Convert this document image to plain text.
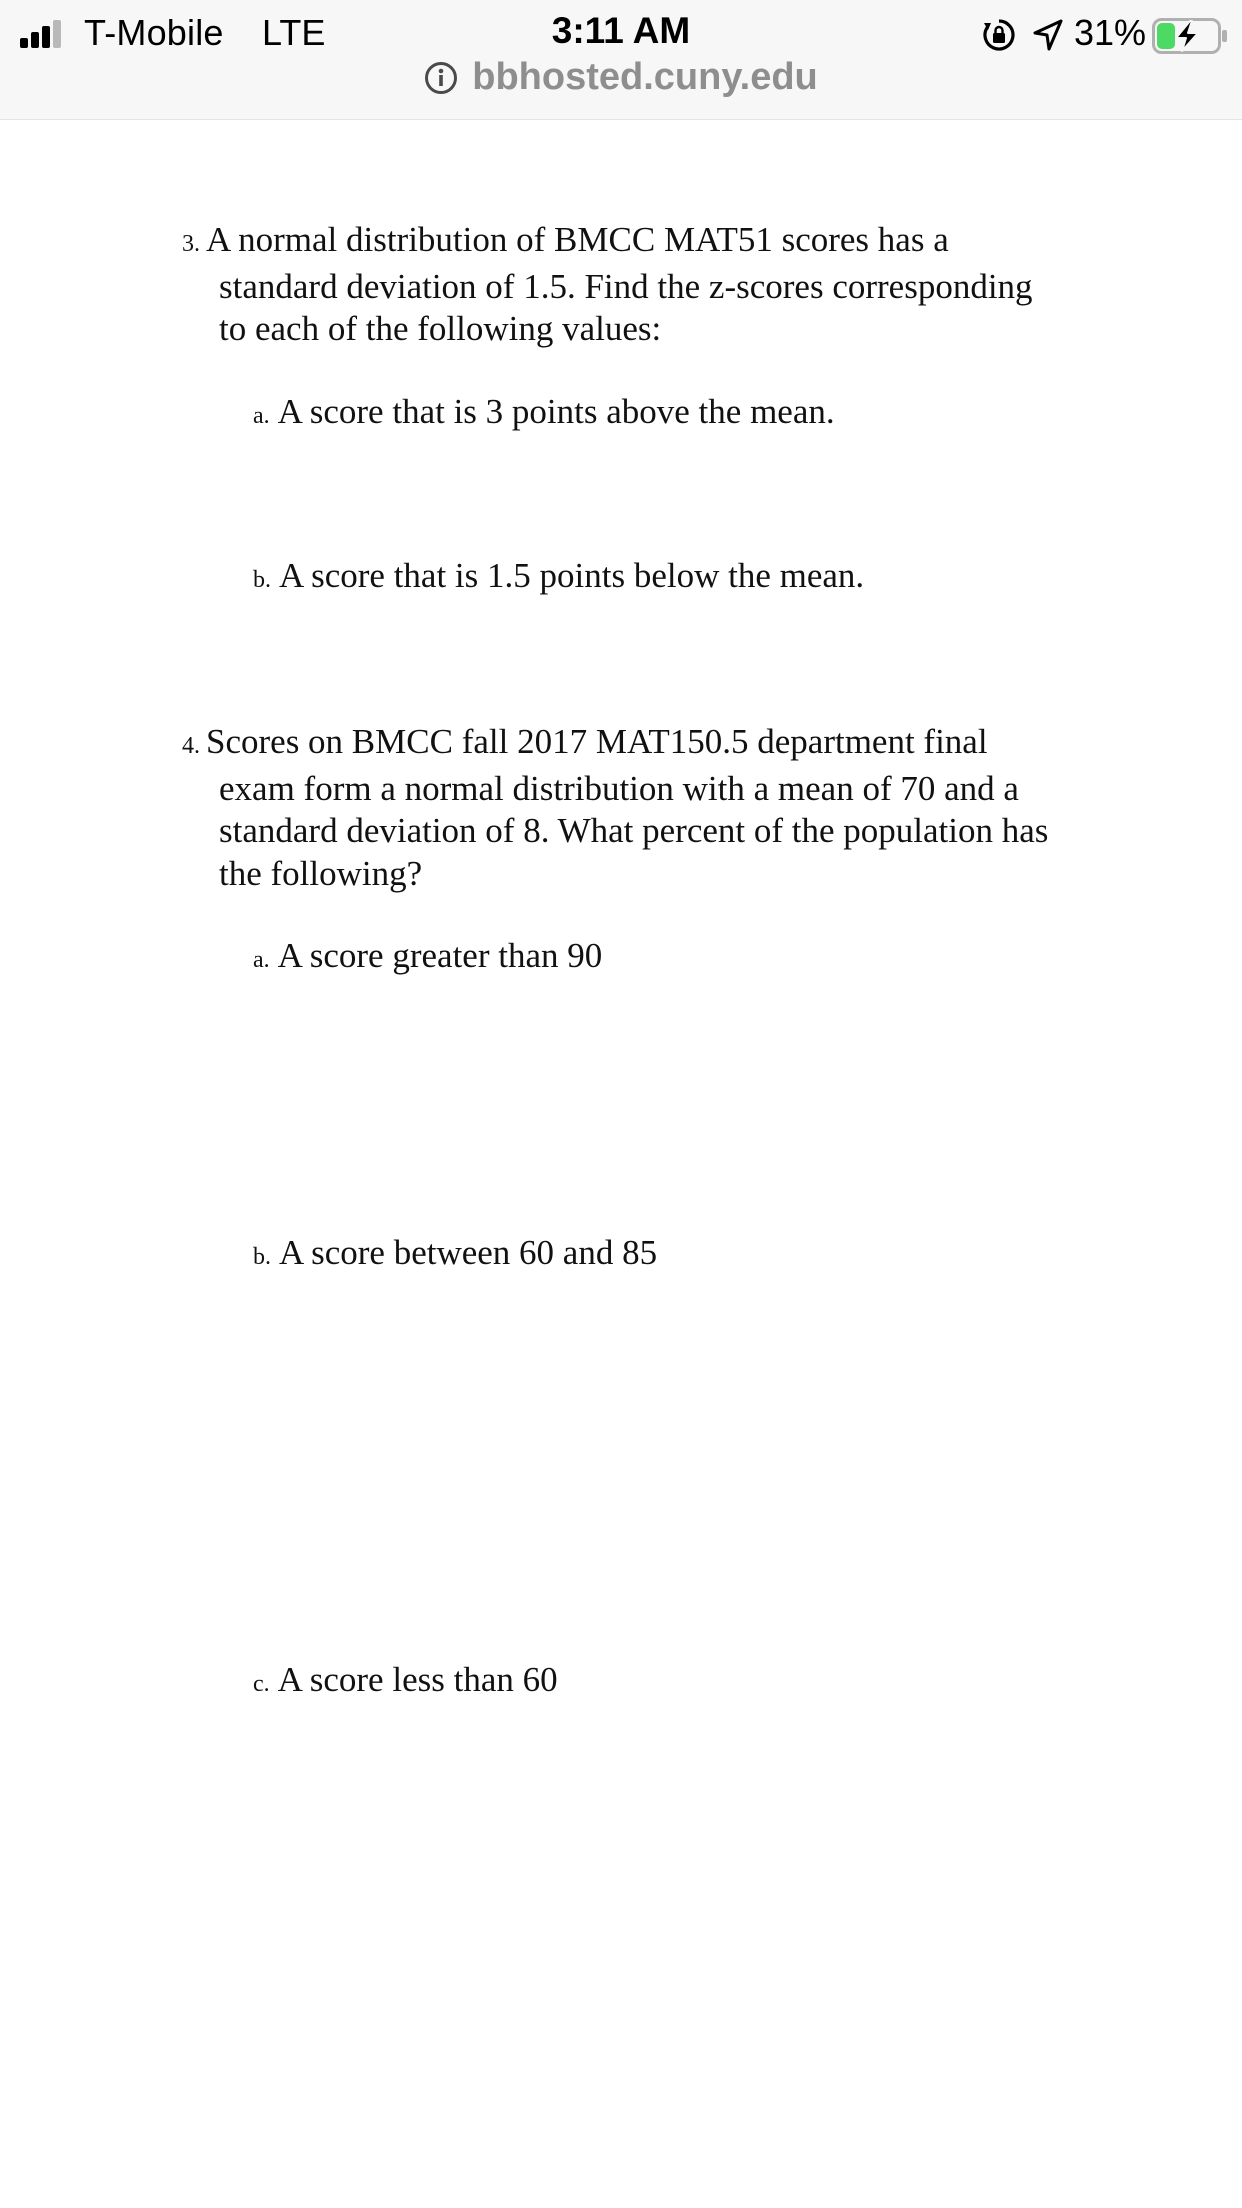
T-Mobile LTE	3:11 AM	31%
bbhosted.cuny.edu
3. A normal distribution of BMCC MAT51 scores has a
standard deviation of 1.5. Find the z-scores corresponding
to each of the following values:
a. A score that is 3 points above the mean.
b. A score that is 1.5 points below the mean.
4. Scores on BMCC fall 2017 MAT150.5 department final
exam form a normal distribution with a mean of 70 and a
standard deviation of 8. What percent of the population has
the following?
a. A score greater than 90
b. A score between 60 and 85
c. A score less than 60
